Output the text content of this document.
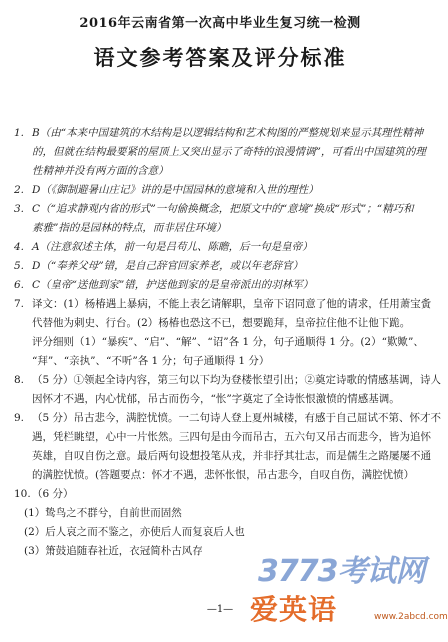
2016年云南省第一次高中毕业生复习统一检测
语文参考答案及评分标准
1. B（由“本来中国建筑的木结构是以逻辑结构和艺术构图的严整规划来显示其理性精神
的，但就在结构最要紧的屋顶上又突出显示了奇特的浪漫情调”，可看出中国建筑的理
性精神并没有两方面的含意）
2. D（《御制避暑山庄记》讲的是中国园林的意境和入世的理性）
3. C（“追求静观内省的形式”一句偷换概念，把原文中的“意境”换成“形式”；“精巧和
素雅”指的是园林的特点，而非居住环境）
4. A（注意叙述主体，前一句是吕苟儿、陈瞻，后一句是皇帝）
5. D（“奉养父母”错，是自己辞官回家养老，或以年老辞官）
6. C（皇帝“送他到家”错，护送他到家的是皇帝派出的羽林军）
7. 译文：(1）杨椿遇上暴病，不能上表乞请解职，皇帝下诏同意了他的请求，任用萧宝夤
代替他为刺史、行台。(2）杨椿也恐这不已，想要跪拜，皇帝拉住他不让他下跪。
评分细则（1）“暴疾”、“启”、“解”、“诏”各 1 分，句子通顺得 1 分。(2）“歎歟”、
“拜”、“亲执”、“不听”各 1 分；句子通顺得 1 分）
8. （5 分）①领起全诗内容，第三句以下均为登楼怅望引出；②奠定诗歌的情感基调，诗人
因怀才不遇，内心忧郁，吊古而伤今，“怅”字奠定了全诗怅恨激愤的情感基调。
9. （5 分）吊古悲今，满腔忧愤。一二句诗人登上夏州城楼，有感于自己屈试不第、怀才不
遇，凭栏眺望，心中一片怅然。三四句是由今而吊古，五六句又吊古而悲今，皆为追怀
英雄，自叹自伤之意。最后两句设想投笔从戎，并非抒其壮志，而是儒生之路屡屡不通
的满腔忧愤。(答题要点：怀才不遇，悲怀怅恨，吊古悲今，自叹自伤，满腔忧愤）
10.（6 分）
(1）鸷鸟之不群兮，自前世而固然
(2）后人哀之而不鉴之，亦使后人而复哀后人也
(3）箫鼓追随春社近，衣冠简朴古风存
—1—
3773考试网
爱英语	www.2abcd.com
